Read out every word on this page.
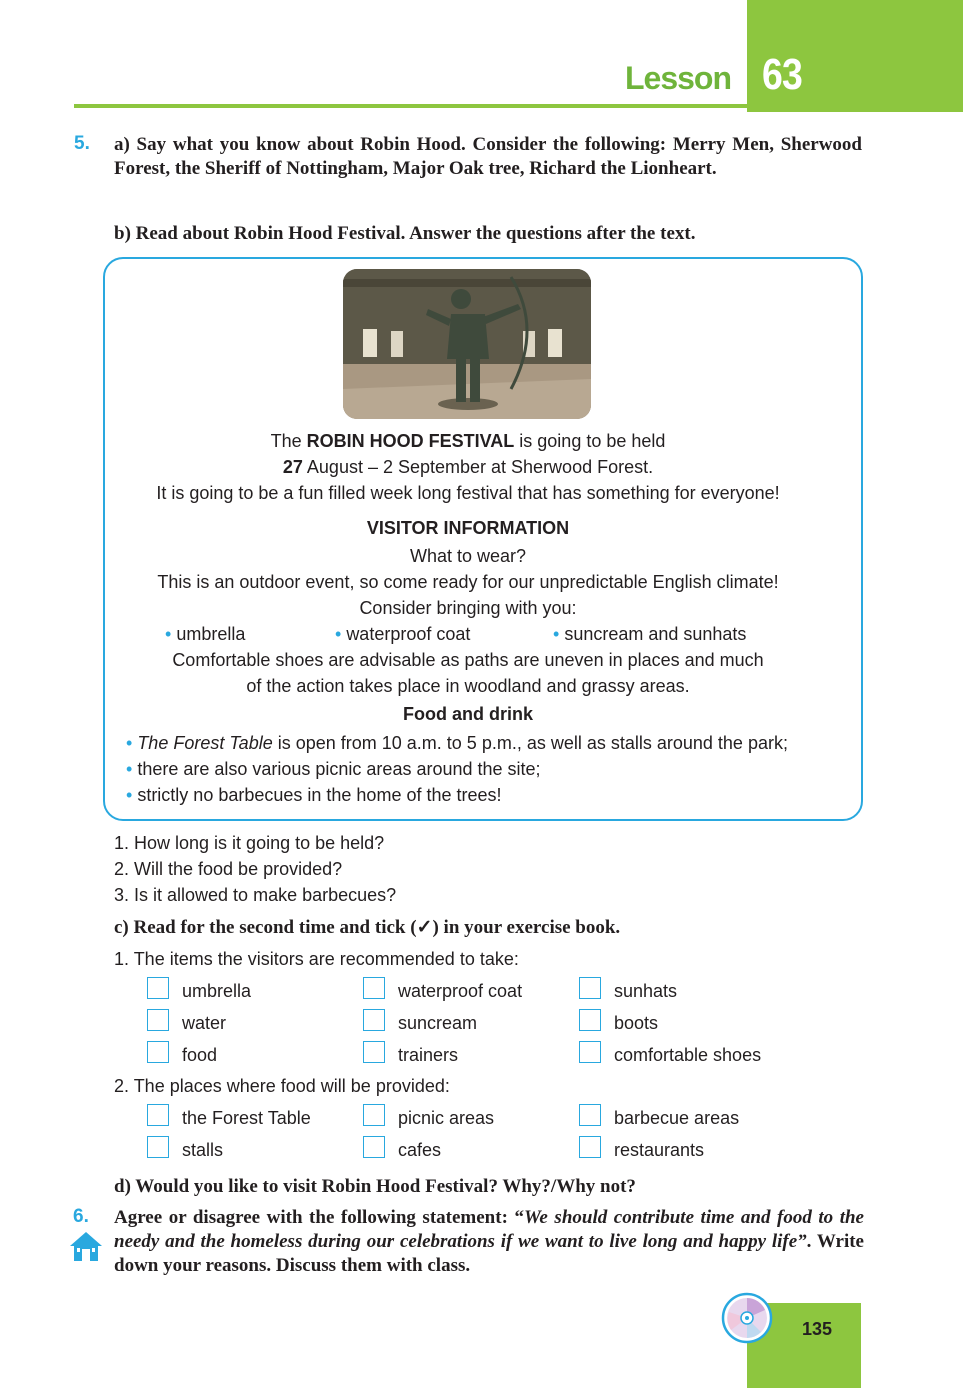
63
Lesson
5. a) Say what you know about Robin Hood. Consider the following: Merry Men, Sherwood Forest, the Sheriff of Nottingham, Major Oak tree, Richard the Lionheart.
b) Read about Robin Hood Festival. Answer the questions after the text.
The ROBIN HOOD FESTIVAL is going to be held
27 August – 2 September at Sherwood Forest.
It is going to be a fun filled week long festival that has something for everyone!
VISITOR INFORMATION
What to wear?
This is an outdoor event, so come ready for our unpredictable English climate!
Consider bringing with you:
• umbrella	• waterproof coat	• suncream and sunhats
Comfortable shoes are advisable as paths are uneven in places and much
of the action takes place in woodland and grassy areas.
Food and drink
• The Forest Table is open from 10 a.m. to 5 p.m., as well as stalls around the park;
• there are also various picnic areas around the site;
• strictly no barbecues in the home of the trees!
1. How long is it going to be held?
2. Will the food be provided?
3. Is it allowed to make barbecues?
c) Read for the second time and tick (✓) in your exercise book.
1. The items the visitors are recommended to take:
umbrella	waterproof coat	sunhats
water	suncream	boots
food	trainers	comfortable shoes
2. The places where food will be provided:
the Forest Table	picnic areas	barbecue areas
stalls	cafes	restaurants
d) Would you like to visit Robin Hood Festival? Why?/Why not?
6. Agree or disagree with the following statement: “We should contribute time and food to the needy and the homeless during our celebrations if we want to live long and happy life”. Write down your reasons. Discuss them with class.
135
